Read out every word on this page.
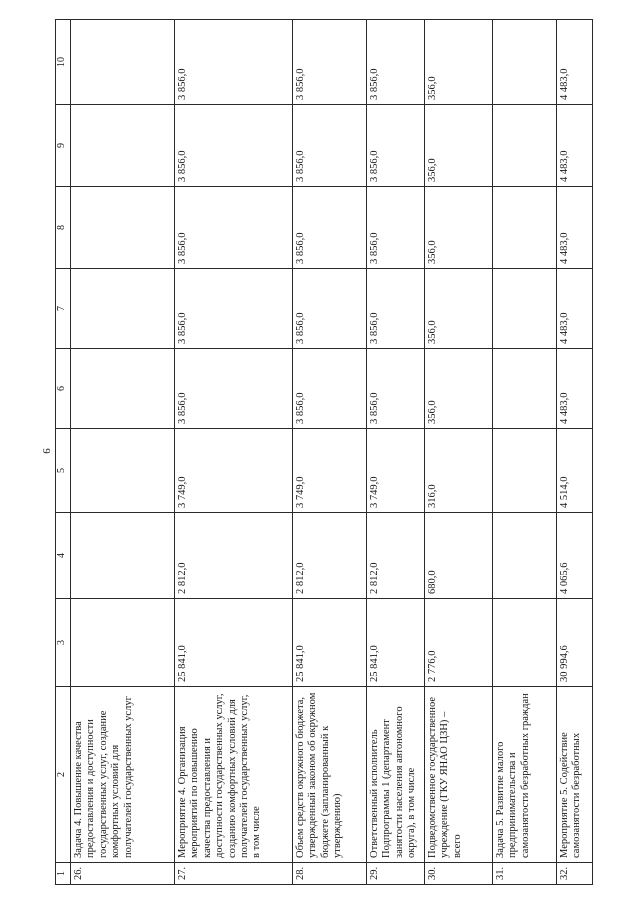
9
1	2	3	4	5	6	7	8	9	10
26.	Задача 4. Повышение качества предоставления и доступности государственных услуг, создание комфортных условий для получателей государственных услуг								
27.	Мероприятие 4. Организация мероприятий по повышению качества предоставления и доступности государственных услуг, созданию комфортных условий для получателей государственных услуг, в том числе	25 841,0	2 812,0	3 749,0	3 856,0	3 856,0	3 856,0	3 856,0	3 856,0
28.	Объем средств окружного бюджета, утвержденный законом об окружном бюджете (запланированный к утверждению)	25 841,0	2 812,0	3 749,0	3 856,0	3 856,0	3 856,0	3 856,0	3 856,0
29.	Ответственный исполнитель Подпрограммы 1 (департамент занятости населения автономного округа), в том числе	25 841,0	2 812,0	3 749,0	3 856,0	3 856,0	3 856,0	3 856,0	3 856,0
30.	Подведомственное государственное учреждение (ГКУ ЯНАО ЦЗН) – всего	2 776,0	680,0	316,0	356,0	356,0	356,0	356,0	356,0
31.	Задача 5. Развитие малого предпринимательства и самозанятости безработных граждан								
32.	Мероприятие 5. Содействие самозанятости безработных	30 994,6	4 065,6	4 514,0	4 483,0	4 483,0	4 483,0	4 483,0	4 483,0
